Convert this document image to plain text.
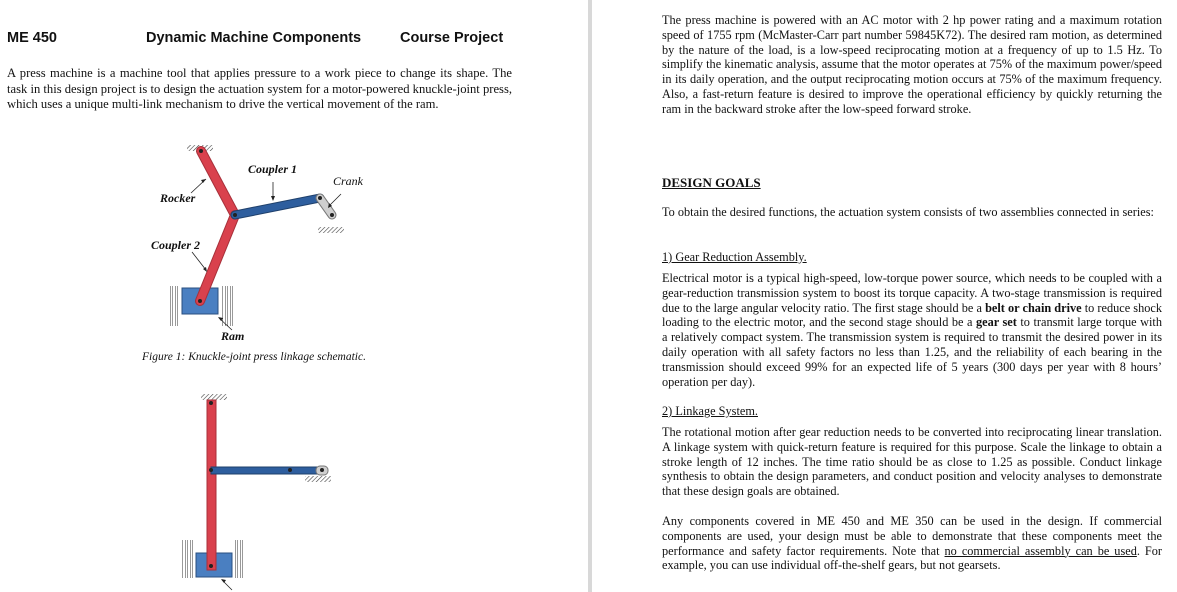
ME 450	Dynamic Machine Components	Course Project

A press machine is a machine tool that applies pressure to a work piece to change its shape. The task in this design project is to design the actuation system for a motor-powered knuckle-joint press, which uses a unique multi-link mechanism to drive the vertical movement of the ram.

Coupler 1
Crank
Rocker
Coupler 2
Ram
Figure 1: Knuckle-joint press linkage schematic.

The press machine is powered with an AC motor with 2 hp power rating and a maximum rotation speed of 1755 rpm (McMaster-Carr part number 59845K72). The desired ram motion, as determined by the nature of the load, is a low-speed reciprocating motion at a frequency of up to 1.5 Hz. To simplify the kinematic analysis, assume that the motor operates at 75% of the maximum power/speed in its daily operation, and the output reciprocating motion occurs at 75% of the maximum frequency. Also, a fast-return feature is desired to improve the operational efficiency by quickly returning the ram in the backward stroke after the low-speed forward stroke.

DESIGN GOALS

To obtain the desired functions, the actuation system consists of two assemblies connected in series:

1) Gear Reduction Assembly.

Electrical motor is a typical high-speed, low-torque power source, which needs to be coupled with a gear-reduction transmission system to boost its torque capacity. A two-stage transmission is required due to the large angular velocity ratio. The first stage should be a belt or chain drive to reduce shock loading to the electric motor, and the second stage should be a gear set to transmit large torque with a relatively compact system. The transmission system is required to transmit the desired power in its daily operation with all safety factors no less than 1.25, and the reliability of each bearing in the transmission should exceed 99% for an expected life of 5 years (300 days per year with 8 hours’ operation per day).

2) Linkage System.

The rotational motion after gear reduction needs to be converted into reciprocating linear translation. A linkage system with quick-return feature is required for this purpose. Scale the linkage to obtain a stroke length of 12 inches. The time ratio should be as close to 1.25 as possible. Conduct linkage synthesis to obtain the design parameters, and conduct position and velocity analyses to demonstrate that these design goals are obtained.

Any components covered in ME 450 and ME 350 can be used in the design. If commercial components are used, your design must be able to demonstrate that these components meet the performance and safety factor requirements. Note that no commercial assembly can be used. For example, you can use individual off-the-shelf gears, but not gearsets.
